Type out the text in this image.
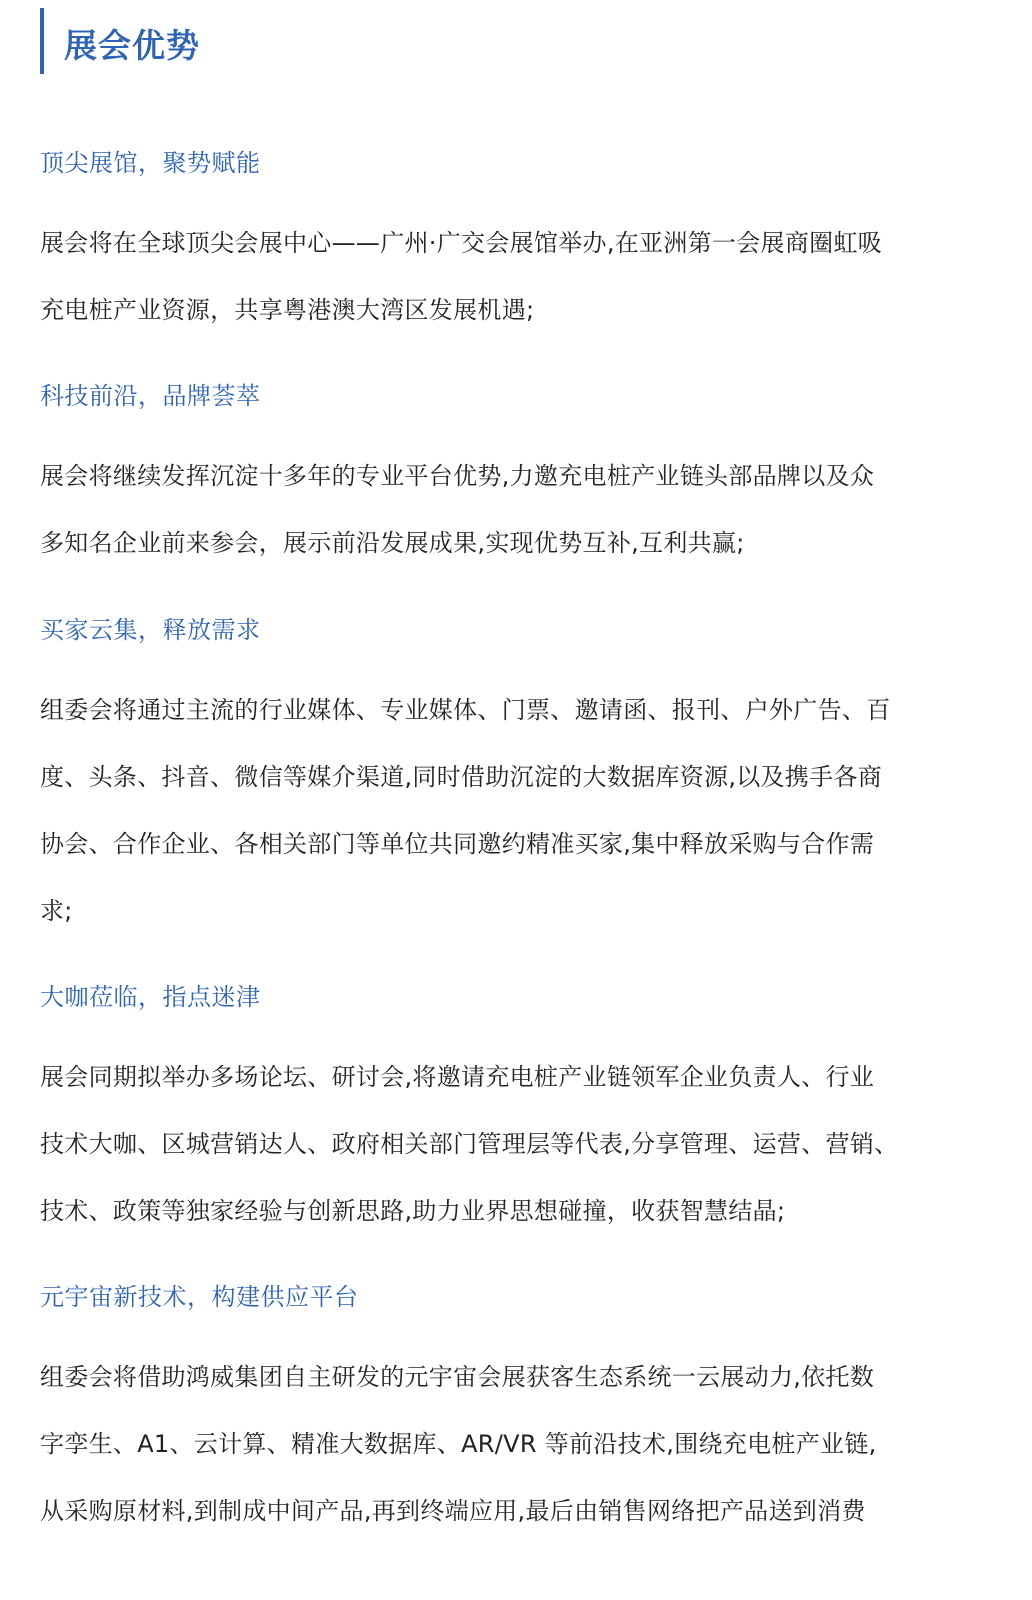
展会优势
顶尖展馆，聚势赋能
展会将在全球顶尖会展中心——广州·广交会展馆举办,在亚洲第一会展商圈虹吸
充电桩产业资源，共享粤港澳大湾区发展机遇;
科技前沿，品牌荟萃
展会将继续发挥沉淀十多年的专业平台优势,力邀充电桩产业链头部品牌以及众
多知名企业前来参会，展示前沿发展成果,实现优势互补,互利共赢;
买家云集，释放需求
组委会将通过主流的行业媒体、专业媒体、门票、邀请函、报刊、户外广告、百
度、头条、抖音、微信等媒介渠道,同时借助沉淀的大数据库资源,以及携手各商
协会、合作企业、各相关部门等单位共同邀约精准买家,集中释放采购与合作需
求;
大咖莅临，指点迷津
展会同期拟举办多场论坛、研讨会,将邀请充电桩产业链领军企业负责人、行业
技术大咖、区城营销达人、政府相关部门管理层等代表,分享管理、运营、营销、
技术、政策等独家经验与创新思路,助力业界思想碰撞，收获智慧结晶;
元宇宙新技术，构建供应平台
组委会将借助鸿威集团自主研发的元宇宙会展获客生态系统一云展动力,依托数
字孪生、A1、云计算、精准大数据库、AR/VR 等前沿技术,围绕充电桩产业链,
从采购原材料,到制成中间产品,再到终端应用,最后由销售网络把产品送到消费
